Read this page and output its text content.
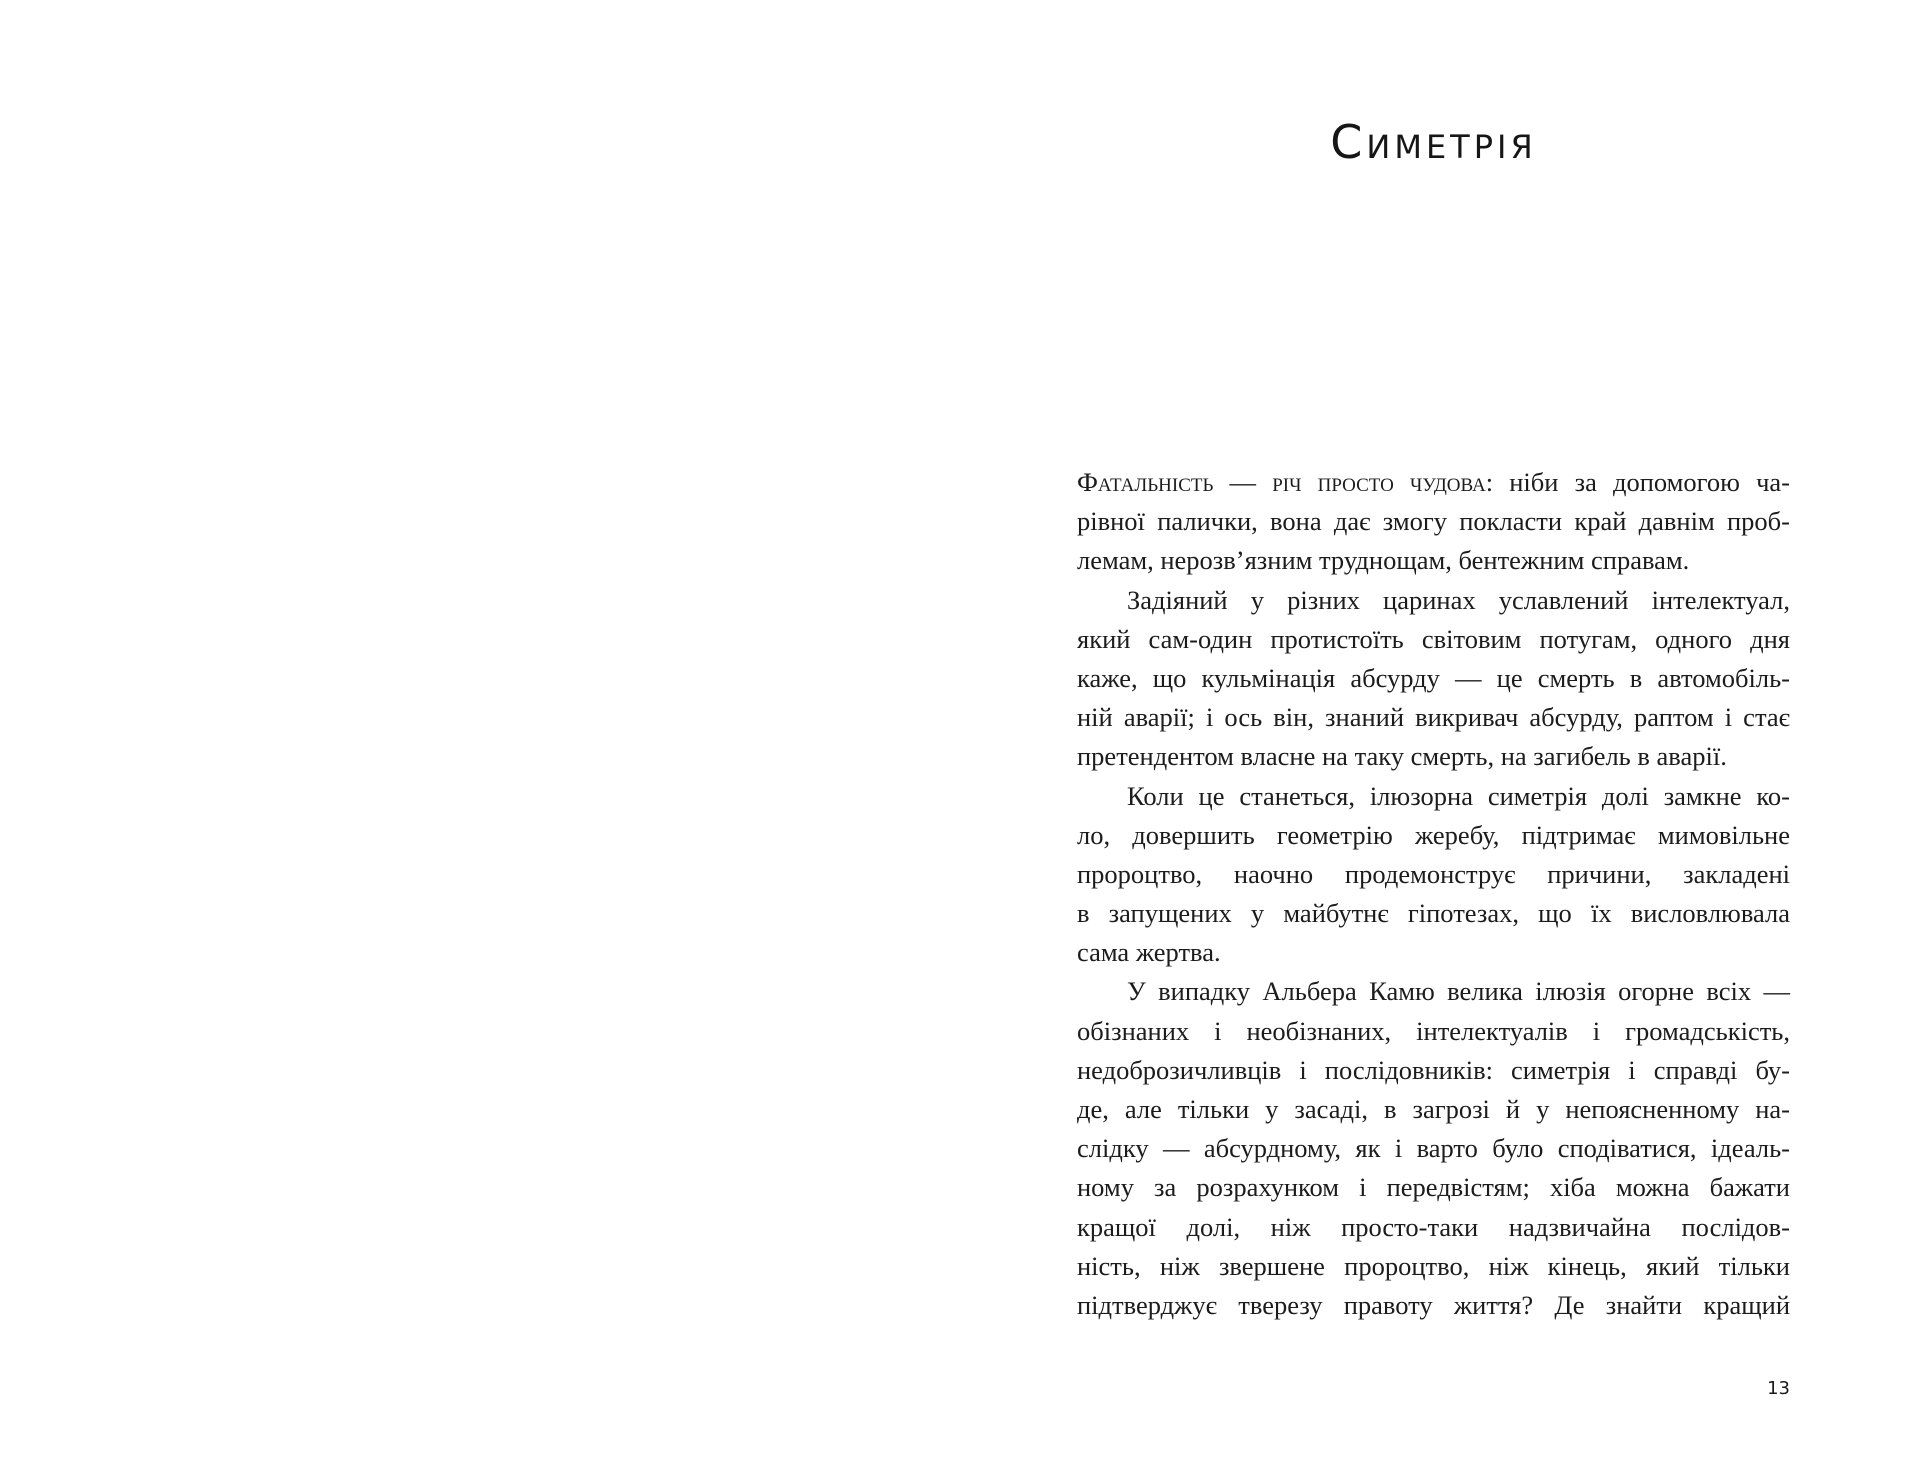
Симетрія
Фатальність — річ просто чудова: ніби за допомогою ча-
рівної палички, вона дає змогу покласти край давнім проб-
лемам, нерозв’язним труднощам, бентежним справам.
Задіяний у різних царинах уславлений інтелектуал,
який сам-один протистоїть світовим потугам, одного дня
каже, що кульмінація абсурду — це смерть в автомобіль-
ній аварії; і ось він, знаний викривач абсурду, раптом і стає
претендентом власне на таку смерть, на загибель в аварії.
Коли це станеться, ілюзорна симетрія долі замкне ко-
ло, довершить геометрію жеребу, підтримає мимовільне
пророцтво, наочно продемонструє причини, закладені
в запущених у майбутнє гіпотезах, що їх висловлювала
сама жертва.
У випадку Альбера Камю велика ілюзія огорне всіх —
обізнаних і необізнаних, інтелектуалів і громадськість,
недоброзичливців і послідовників: симетрія і справді бу-
де, але тільки у засаді, в загрозі й у непоясненному на-
слідку — абсурдному, як і варто було сподіватися, ідеаль-
ному за розрахунком і передвістям; хіба можна бажати
кращої долі, ніж просто-таки надзвичайна послідов-
ність, ніж звершене пророцтво, ніж кінець, який тільки
підтверджує тверезу правоту життя? Де знайти кращий
13
